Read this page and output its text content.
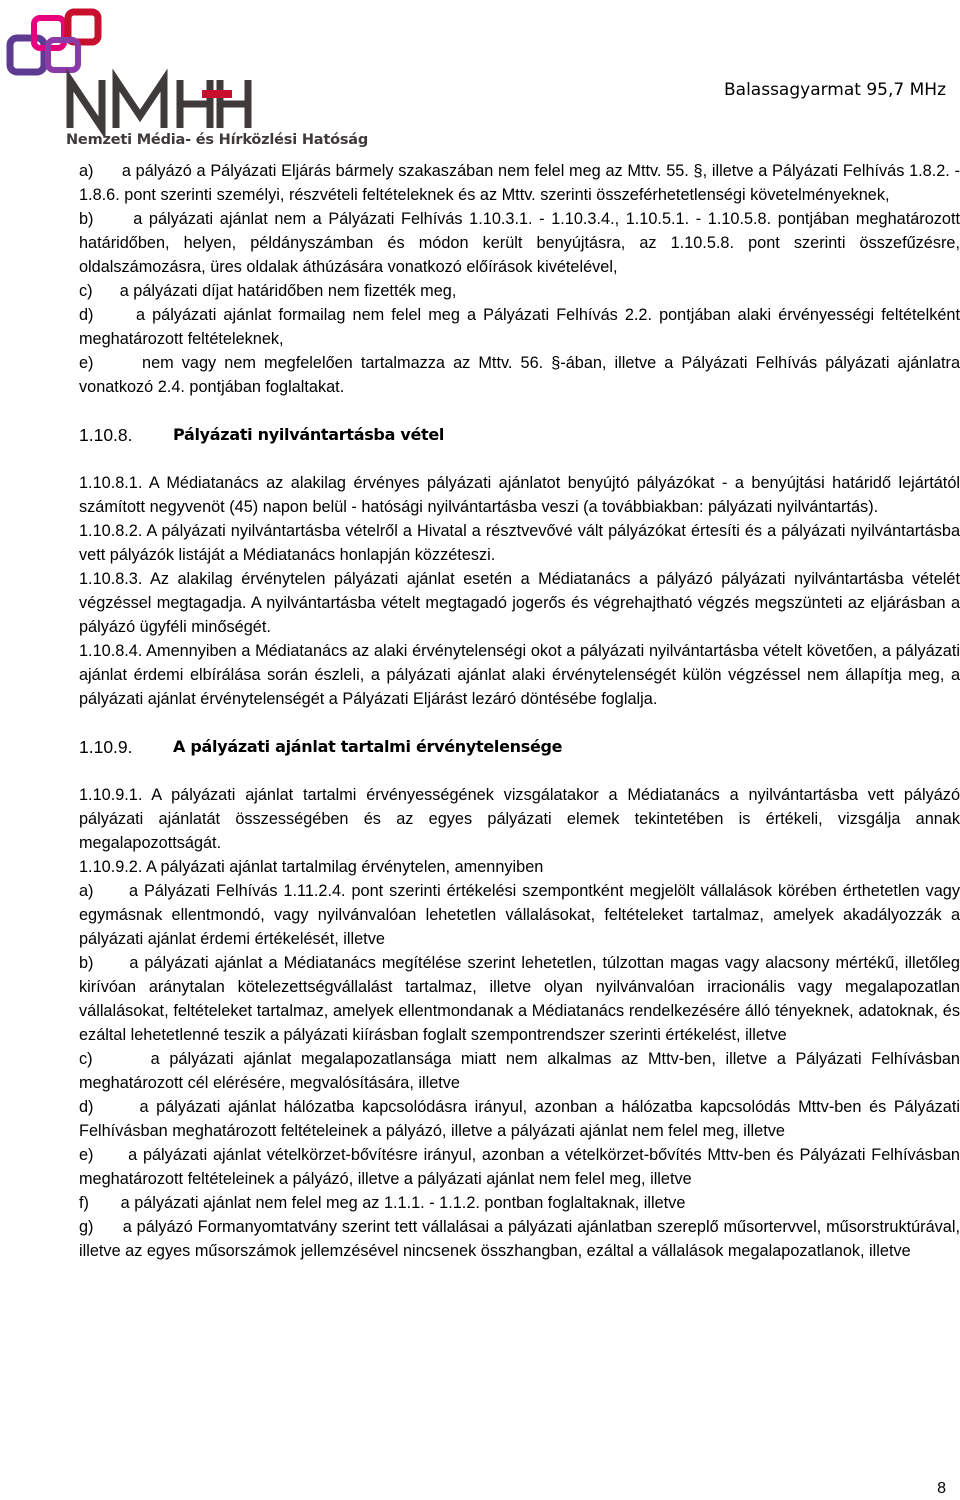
Nemzeti Média- és Hírközlési Hatóság
Balassagyarmat 95,7 MHz

a)      a pályázó a Pályázati Eljárás bármely szakaszában nem felel meg az Mttv. 55. §, illetve a Pályázati Felhívás 1.8.2. - 1.8.6. pont szerinti személyi, részvételi feltételeknek és az Mttv. szerinti összeférhetetlenségi követelményeknek,

b)      a pályázati ajánlat nem a Pályázati Felhívás 1.10.3.1. - 1.10.3.4., 1.10.5.1. - 1.10.5.8. pontjában meghatározott határidőben, helyen, példányszámban és módon került benyújtásra, az 1.10.5.8. pont szerinti összefűzésre, oldalszámozásra, üres oldalak áthúzására vonatkozó előírások kivételével,

c)      a pályázati díjat határidőben nem fizették meg,

d)      a pályázati ajánlat formailag nem felel meg a Pályázati Felhívás 2.2. pontjában alaki érvényességi feltételként meghatározott feltételeknek,

e)      nem vagy nem megfelelően tartalmazza az Mttv. 56. §-ában, illetve a Pályázati Felhívás pályázati ajánlatra vonatkozó 2.4. pontjában foglaltakat.

1.10.8.	Pályázati nyilvántartásba vétel

1.10.8.1. A Médiatanács az alakilag érvényes pályázati ajánlatot benyújtó pályázókat - a benyújtási határidő lejártától számított negyvenöt (45) napon belül - hatósági nyilvántartásba veszi (a továbbiakban: pályázati nyilvántartás).

1.10.8.2. A pályázati nyilvántartásba vételről a Hivatal a résztvevővé vált pályázókat értesíti és a pályázati nyilvántartásba vett pályázók listáját a Médiatanács honlapján közzéteszi.

1.10.8.3. Az alakilag érvénytelen pályázati ajánlat esetén a Médiatanács a pályázó pályázati nyilvántartásba vételét végzéssel megtagadja. A nyilvántartásba vételt megtagadó jogerős és végrehajtható végzés megszünteti az eljárásban a pályázó ügyféli minőségét.

1.10.8.4. Amennyiben a Médiatanács az alaki érvénytelenségi okot a pályázati nyilvántartásba vételt követően, a pályázati ajánlat érdemi elbírálása során észleli, a pályázati ajánlat alaki érvénytelenségét külön végzéssel nem állapítja meg, a pályázati ajánlat érvénytelenségét a Pályázati Eljárást lezáró döntésébe foglalja.

1.10.9.	A pályázati ajánlat tartalmi érvénytelensége

1.10.9.1. A pályázati ajánlat tartalmi érvényességének vizsgálatakor a Médiatanács a nyilvántartásba vett pályázó pályázati ajánlatát összességében és az egyes pályázati elemek tekintetében is értékeli, vizsgálja annak megalapozottságát.

1.10.9.2. A pályázati ajánlat tartalmilag érvénytelen, amennyiben

a)      a Pályázati Felhívás 1.11.2.4. pont szerinti értékelési szempontként megjelölt vállalások körében érthetetlen vagy egymásnak ellentmondó, vagy nyilvánvalóan lehetetlen vállalásokat, feltételeket tartalmaz, amelyek akadályozzák a pályázati ajánlat érdemi értékelését, illetve

b)      a pályázati ajánlat a Médiatanács megítélése szerint lehetetlen, túlzottan magas vagy alacsony mértékű, illetőleg kirívóan aránytalan kötelezettségvállalást tartalmaz, illetve olyan nyilvánvalóan irracionális vagy megalapozatlan vállalásokat, feltételeket tartalmaz, amelyek ellentmondanak a Médiatanács rendelkezésére álló tényeknek, adatoknak, és ezáltal lehetetlenné teszik a pályázati kiírásban foglalt szempontrendszer szerinti értékelést, illetve

c)      a pályázati ajánlat megalapozatlansága miatt nem alkalmas az Mttv-ben, illetve a Pályázati Felhívásban meghatározott cél elérésére, megvalósítására, illetve

d)      a pályázati ajánlat hálózatba kapcsolódásra irányul, azonban a hálózatba kapcsolódás Mttv-ben és Pályázati Felhívásban meghatározott feltételeinek a pályázó, illetve a pályázati ajánlat nem felel meg, illetve

e)      a pályázati ajánlat vételkörzet-bővítésre irányul, azonban a vételkörzet-bővítés Mttv-ben és Pályázati Felhívásban meghatározott feltételeinek a pályázó, illetve a pályázati ajánlat nem felel meg, illetve

f)       a pályázati ajánlat nem felel meg az 1.1.1. - 1.1.2. pontban foglaltaknak, illetve

g)      a pályázó Formanyomtatvány szerint tett vállalásai a pályázati ajánlatban szereplő műsortervvel, műsorstruktúrával, illetve az egyes műsorszámok jellemzésével nincsenek összhangban, ezáltal a vállalások megalapozatlanok, illetve

8
